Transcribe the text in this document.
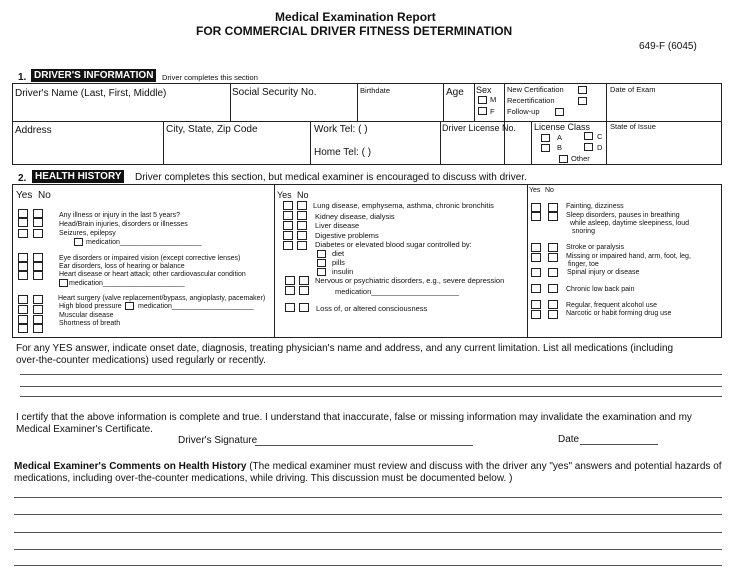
Medical Examination Report
FOR COMMERCIAL DRIVER FITNESS DETERMINATION
649-F (6045)
1. DRIVER'S INFORMATION	Driver completes this section
Driver's Name (Last, First, Middle)	Social Security No.	Birthdate	Age Sex
M
F
New Certification
Recertification
Follow-up
Date of Exam
Address	City, State, Zip Code	Work Tel: ( )
Home Tel: ( )
Driver License No. License Class
A	C
B	D
Other
State of Issue
2. HEALTH HISTORY	Driver completes this section, but medical examiner is encouraged to discuss with driver.
Yes No
Any illness or injury in the last 5 years?
Head/Brain injuries, disorders or illnesses
Seizures, epilepsy
medication_____________________
Eye disorders or impaired vision (except corrective lenses)
Ear disorders, loss of hearing or balance
Heart disease or heart attack; other cardiovascular condition
medication_____________________
Heart surgery (valve replacement/bypass, angioplasty, pacemaker)
High blood pressure medication_____________________
Muscular disease
Shortness of breath
Yes No
Lung disease, emphysema, asthma, chronic bronchitis
Kidney disease, dialysis
Liver disease
Digestive problems
Diabetes or elevated blood sugar controlled by:
diet
pills
insulin
Nervous or psychiatric disorders, e.g., severe depression
medication_____________________
Loss of, or altered consciousness
Yes No
Fainting, dizziness
Sleep disorders, pauses in breathing
while asleep, daytime sleepiness, loud
snoring
Stroke or paralysis
Missing or impaired hand, arm, foot, leg,
finger, toe
Spinal injury or disease
Chronic low back pain
Regular, frequent alcohol use
Narcotic or habit forming drug use
For any YES answer, indicate onset date, diagnosis, treating physician's name and address, and any current limitation. List all medications (including
over-the-counter medications) used regularly or recently.
I certify that the above information is complete and true. I understand that inaccurate, false or missing information may invalidate the examination and my
Medical Examiner's Certificate.
Driver's Signature	Date
Medical Examiner's Comments on Health History (The medical examiner must review and discuss with the driver any "yes" answers and potential hazards of
medications, including over-the-counter medications, while driving. This discussion must be documented below. )
